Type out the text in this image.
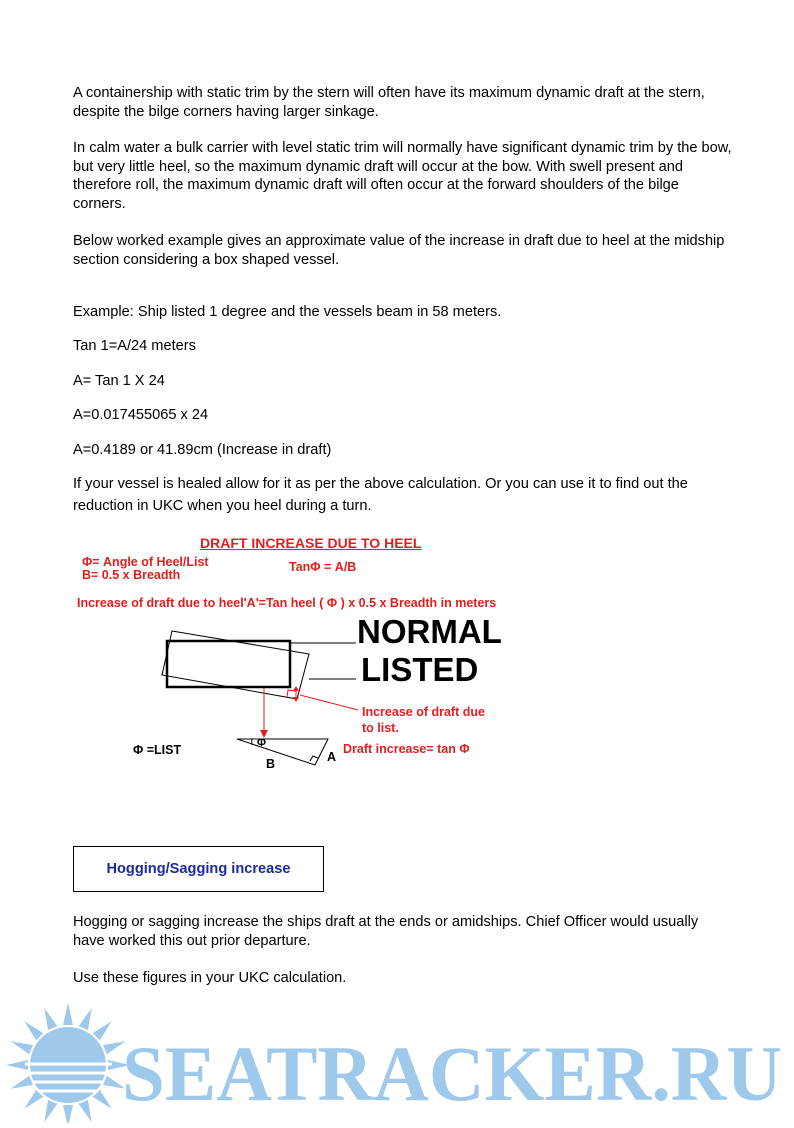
A containership with static trim by the stern will often have its maximum dynamic draft at the stern, despite the bilge corners having larger sinkage.

In calm water a bulk carrier with level static trim will normally have significant dynamic trim by the bow, but very little heel, so the maximum dynamic draft will occur at the bow. With swell present and therefore roll, the maximum dynamic draft will often occur at the forward shoulders of the bilge corners.

Below worked example gives an approximate value of the increase in draft due to heel at the midship section considering a box shaped vessel.

Example: Ship listed 1 degree and the vessels beam in 58 meters.

Tan 1=A/24 meters

A= Tan 1 X 24

A=0.017455065 x 24

A=0.4189 or 41.89cm (Increase in draft)

If your vessel is healed allow for it as per the above calculation. Or you can use it to find out the reduction in UKC when you heel during a turn.

DRAFT INCREASE DUE TO HEEL
Φ= Angle of Heel/List
B= 0.5 x Breadth
TanΦ = A/B
Increase of draft due to heel'A'=Tan heel ( Φ ) x 0.5 x Breadth in meters
NORMAL
LISTED
Increase of draft due
to list.
Φ =LIST	Draft increase= tan Φ
Φ
B	A
Hogging/Sagging increase

Hogging or sagging increase the ships draft at the ends or amidships. Chief Officer would usually have worked this out prior departure.

Use these figures in your UKC calculation.

SEATRACKER.RU
